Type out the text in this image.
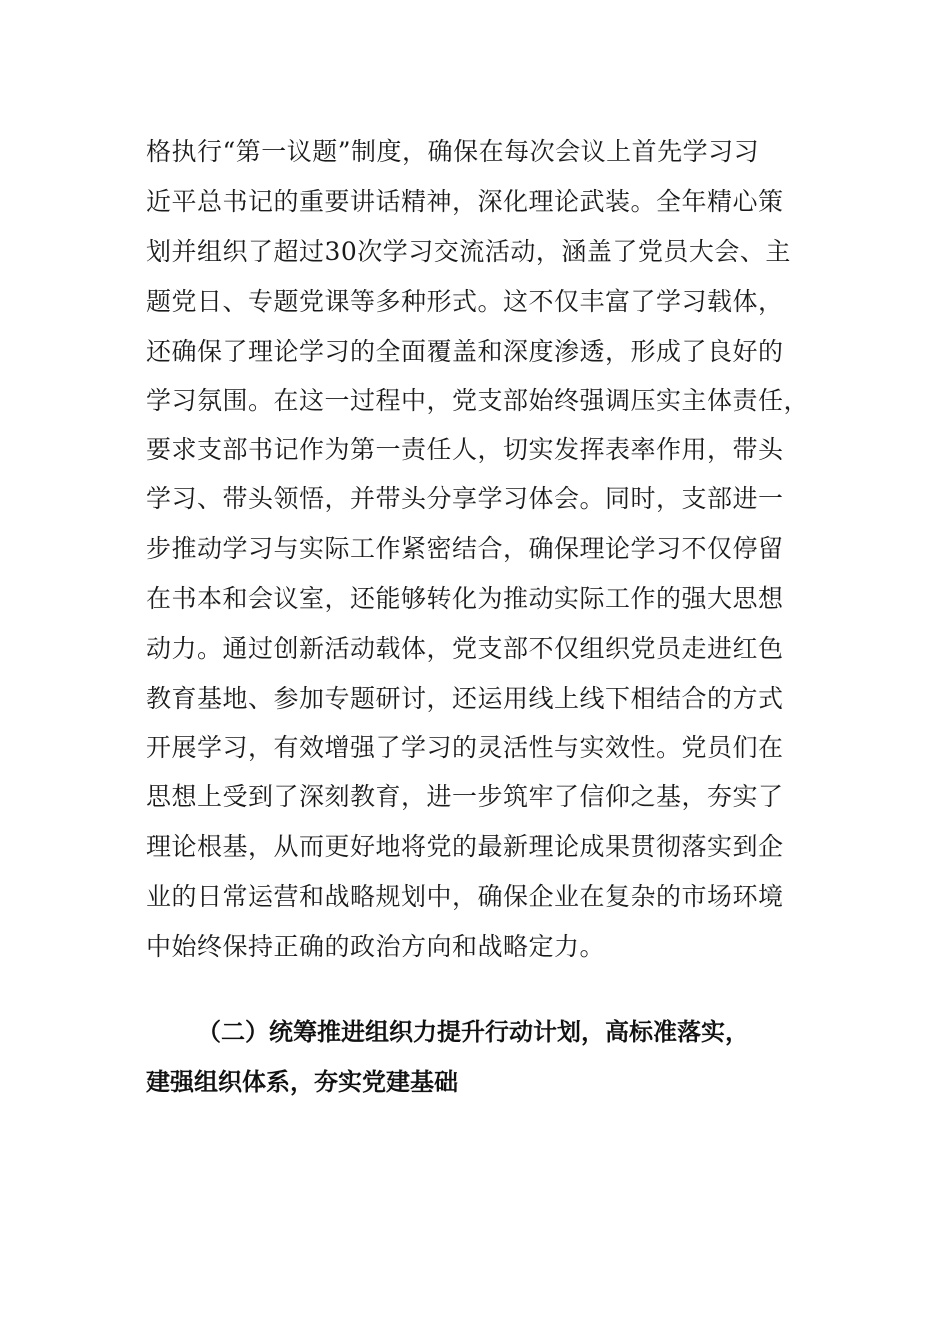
格执行“第一议题”制度，确保在每次会议上首先学习习
近平总书记的重要讲话精神，深化理论武装。全年精心策
划并组织了超过30次学习交流活动，涵盖了党员大会、主
题党日、专题党课等多种形式。这不仅丰富了学习载体，
还确保了理论学习的全面覆盖和深度渗透，形成了良好的
学习氛围。在这一过程中，党支部始终强调压实主体责任，
要求支部书记作为第一责任人，切实发挥表率作用，带头
学习、带头领悟，并带头分享学习体会。同时，支部进一
步推动学习与实际工作紧密结合，确保理论学习不仅停留
在书本和会议室，还能够转化为推动实际工作的强大思想
动力。通过创新活动载体，党支部不仅组织党员走进红色
教育基地、参加专题研讨，还运用线上线下相结合的方式
开展学习，有效增强了学习的灵活性与实效性。党员们在
思想上受到了深刻教育，进一步筑牢了信仰之基，夯实了
理论根基，从而更好地将党的最新理论成果贯彻落实到企
业的日常运营和战略规划中，确保企业在复杂的市场环境
中始终保持正确的政治方向和战略定力。
（二）统筹推进组织力提升行动计划，高标准落实，
建强组织体系，夯实党建基础
